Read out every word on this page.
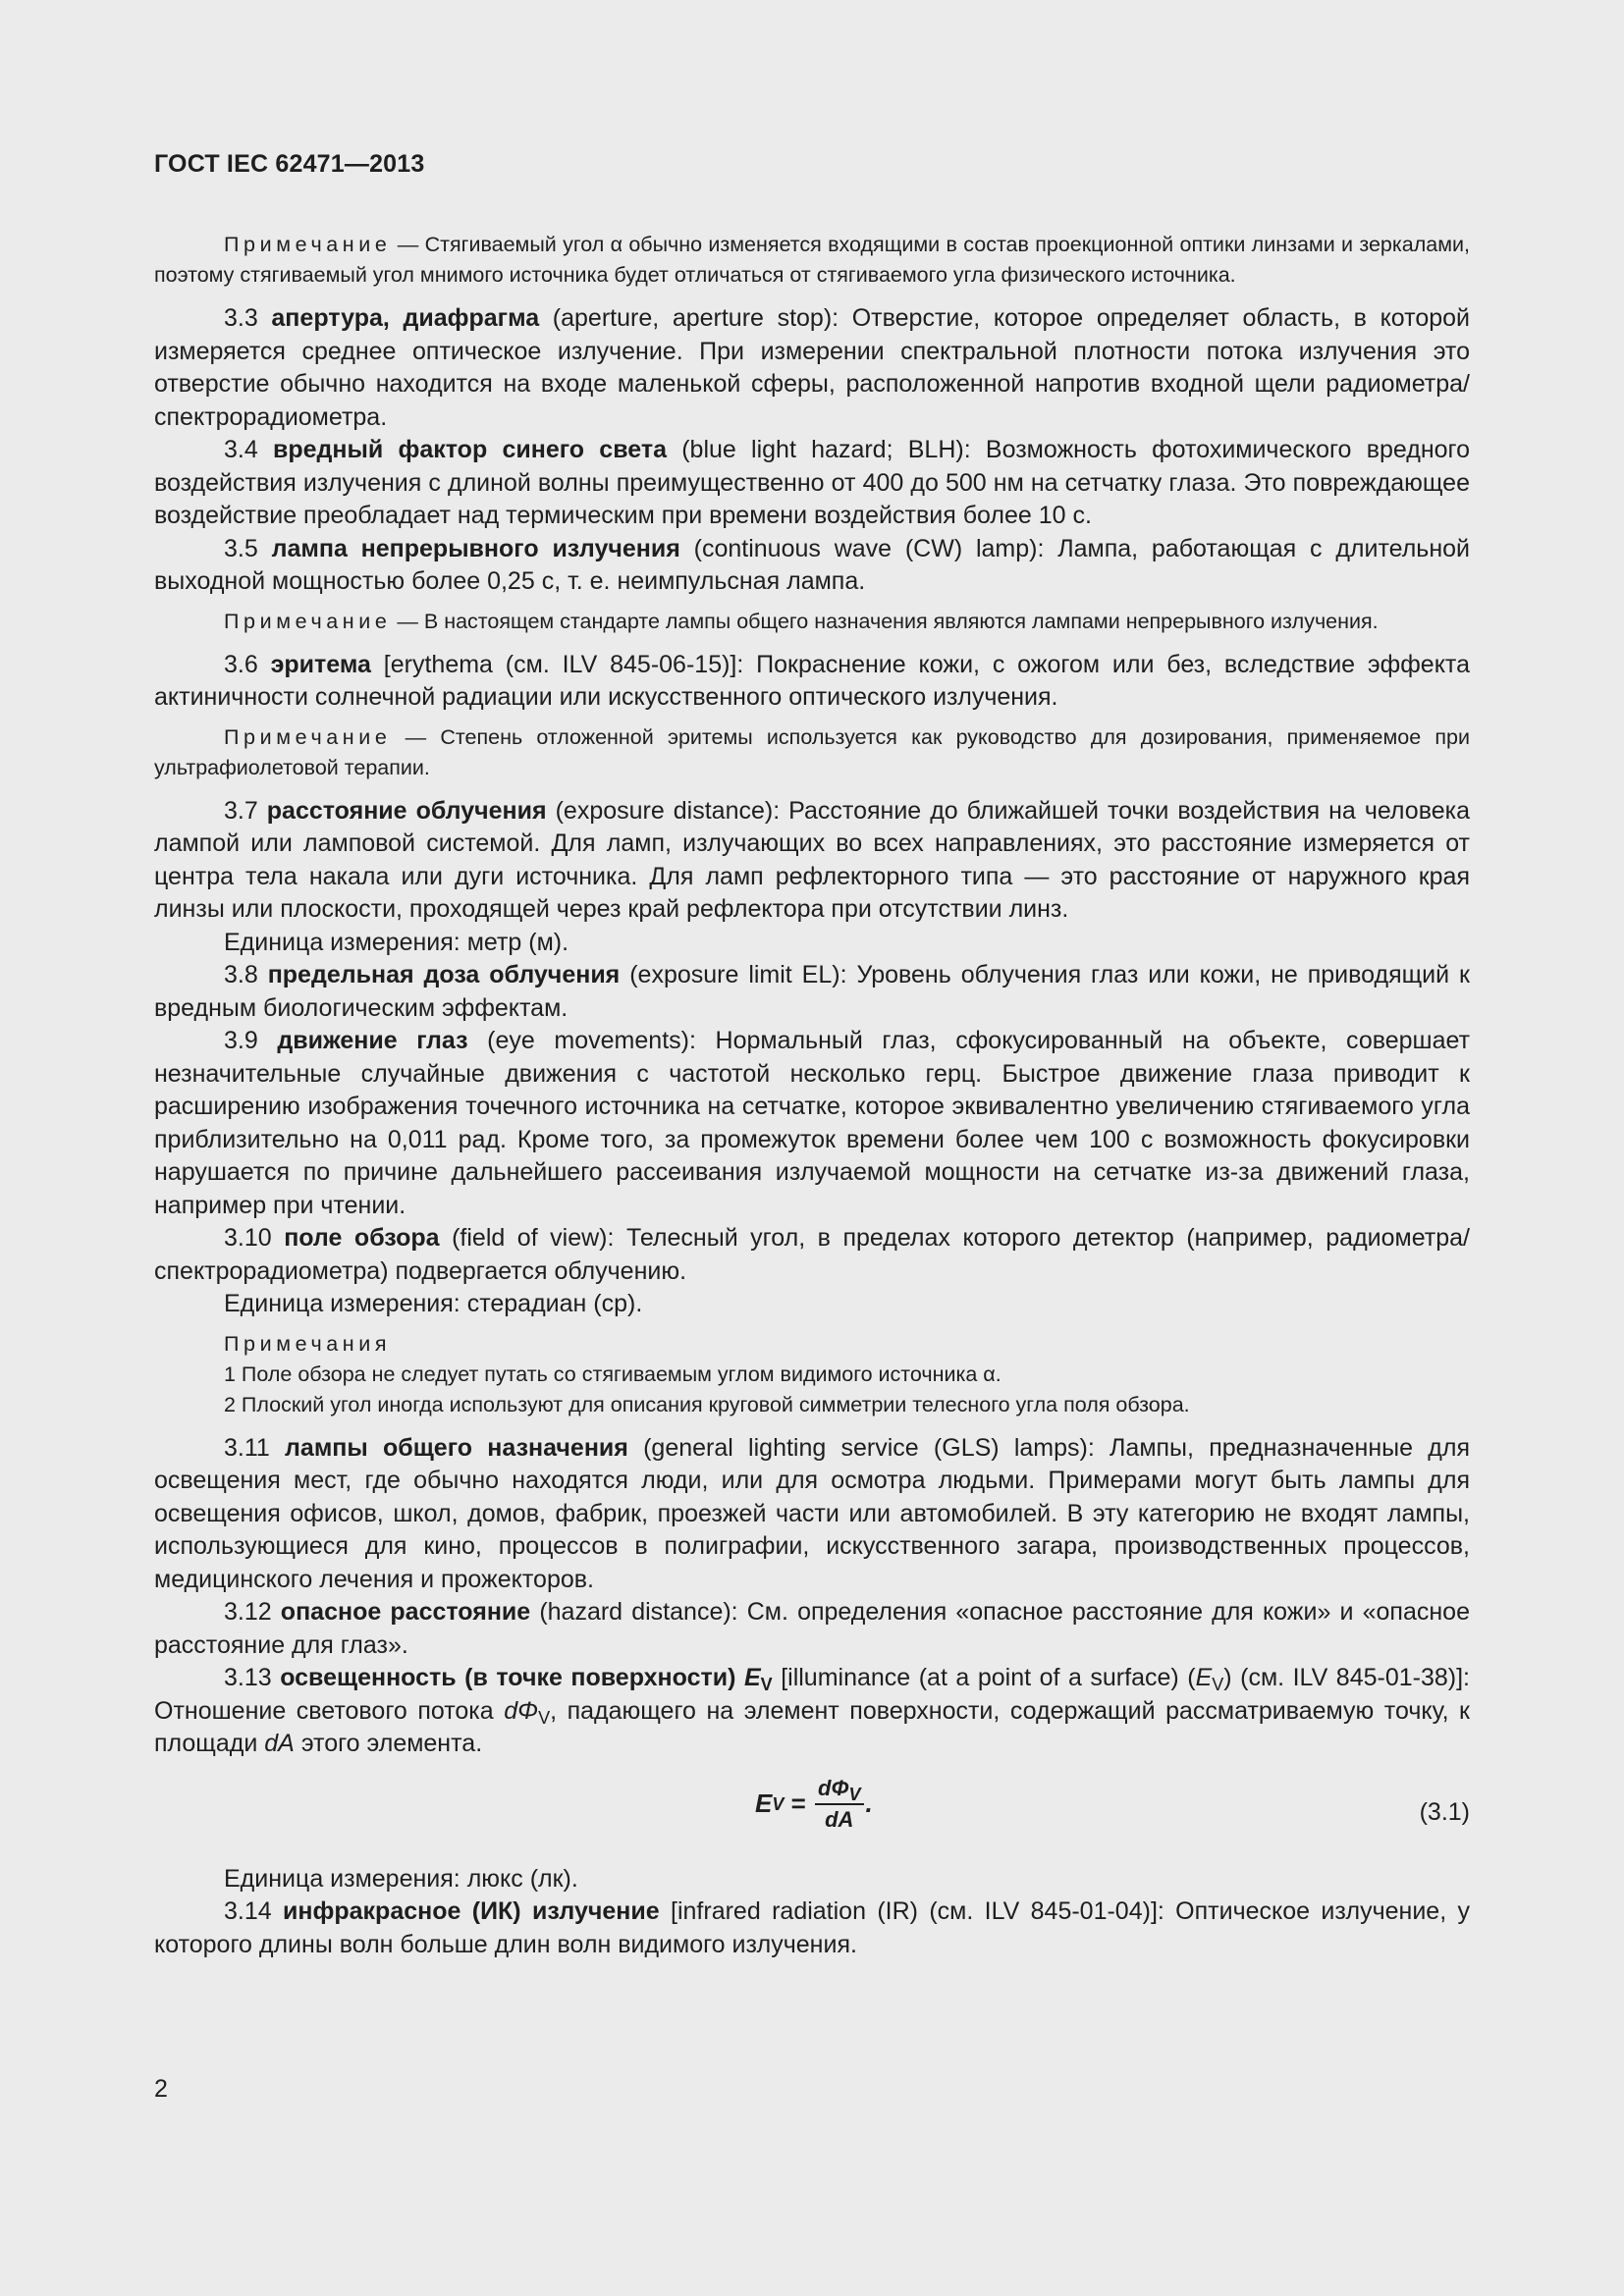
ГОСТ IEC 62471—2013

Примечание — Стягиваемый угол α обычно изменяется входящими в состав проекционной оптики линзами и зеркалами, поэтому стягиваемый угол мнимого источника будет отличаться от стягиваемого угла физического источника.

3.3 апертура, диафрагма (aperture, aperture stop): Отверстие, которое определяет область, в которой измеряется среднее оптическое излучение. При измерении спектральной плотности потока излучения это отверстие обычно находится на входе маленькой сферы, расположенной напротив входной щели радиометра/спектрорадиометра.

3.4 вредный фактор синего света (blue light hazard; BLH): Возможность фотохимического вредного воздействия излучения с длиной волны преимущественно от 400 до 500 нм на сетчатку глаза. Это повреждающее воздействие преобладает над термическим при времени воздействия более 10 с.

3.5 лампа непрерывного излучения (continuous wave (CW) lamp): Лампа, работающая с длительной выходной мощностью более 0,25 с, т. е. неимпульсная лампа.

Примечание — В настоящем стандарте лампы общего назначения являются лампами непрерывного излучения.

3.6 эритема [erythema (см. ILV 845-06-15)]: Покраснение кожи, с ожогом или без, вследствие эффекта актиничности солнечной радиации или искусственного оптического излучения.

Примечание — Степень отложенной эритемы используется как руководство для дозирования, применяемое при ультрафиолетовой терапии.

3.7 расстояние облучения (exposure distance): Расстояние до ближайшей точки воздействия на человека лампой или ламповой системой. Для ламп, излучающих во всех направлениях, это расстояние измеряется от центра тела накала или дуги источника. Для ламп рефлекторного типа — это расстояние от наружного края линзы или плоскости, проходящей через край рефлектора при отсутствии линз.

Единица измерения: метр (м).

3.8 предельная доза облучения (exposure limit EL): Уровень облучения глаз или кожи, не приводящий к вредным биологическим эффектам.

3.9 движение глаз (eye movements): Нормальный глаз, сфокусированный на объекте, совершает незначительные случайные движения с частотой несколько герц. Быстрое движение глаза приводит к расширению изображения точечного источника на сетчатке, которое эквивалентно увеличению стягиваемого угла приблизительно на 0,011 рад. Кроме того, за промежуток времени более чем 100 с возможность фокусировки нарушается по причине дальнейшего рассеивания излучаемой мощности на сетчатке из-за движений глаза, например при чтении.

3.10 поле обзора (field of view): Телесный угол, в пределах которого детектор (например, радиометра/спектрорадиометра) подвергается облучению.

Единица измерения: стерадиан (ср).

Примечания
1 Поле обзора не следует путать со стягиваемым углом видимого источника α.
2 Плоский угол иногда используют для описания круговой симметрии телесного угла поля обзора.

3.11 лампы общего назначения (general lighting service (GLS) lamps): Лампы, предназначенные для освещения мест, где обычно находятся люди, или для осмотра людьми. Примерами могут быть лампы для освещения офисов, школ, домов, фабрик, проезжей части или автомобилей. В эту категорию не входят лампы, использующиеся для кино, процессов в полиграфии, искусственного загара, производственных процессов, медицинского лечения и прожекторов.

3.12 опасное расстояние (hazard distance): См. определения «опасное расстояние для кожи» и «опасное расстояние для глаз».

3.13 освещенность (в точке поверхности) $E_V$ [illuminance (at a point of a surface) $(E_V)$ (см. ILV 845-01-38)]: Отношение светового потока $d\Phi_V$, падающего на элемент поверхности, содержащий рассматриваемую точку, к площади dA этого элемента.

E $V = \frac{d\Phi_V}{dA}$ .	(3.1)

Единица измерения: люкс (лк).

3.14 инфракрасное (ИК) излучение [infrared radiation (IR) (см. ILV 845-01-04)]: Оптическое излучение, у которого длины волн больше длин волн видимого излучения.

2
